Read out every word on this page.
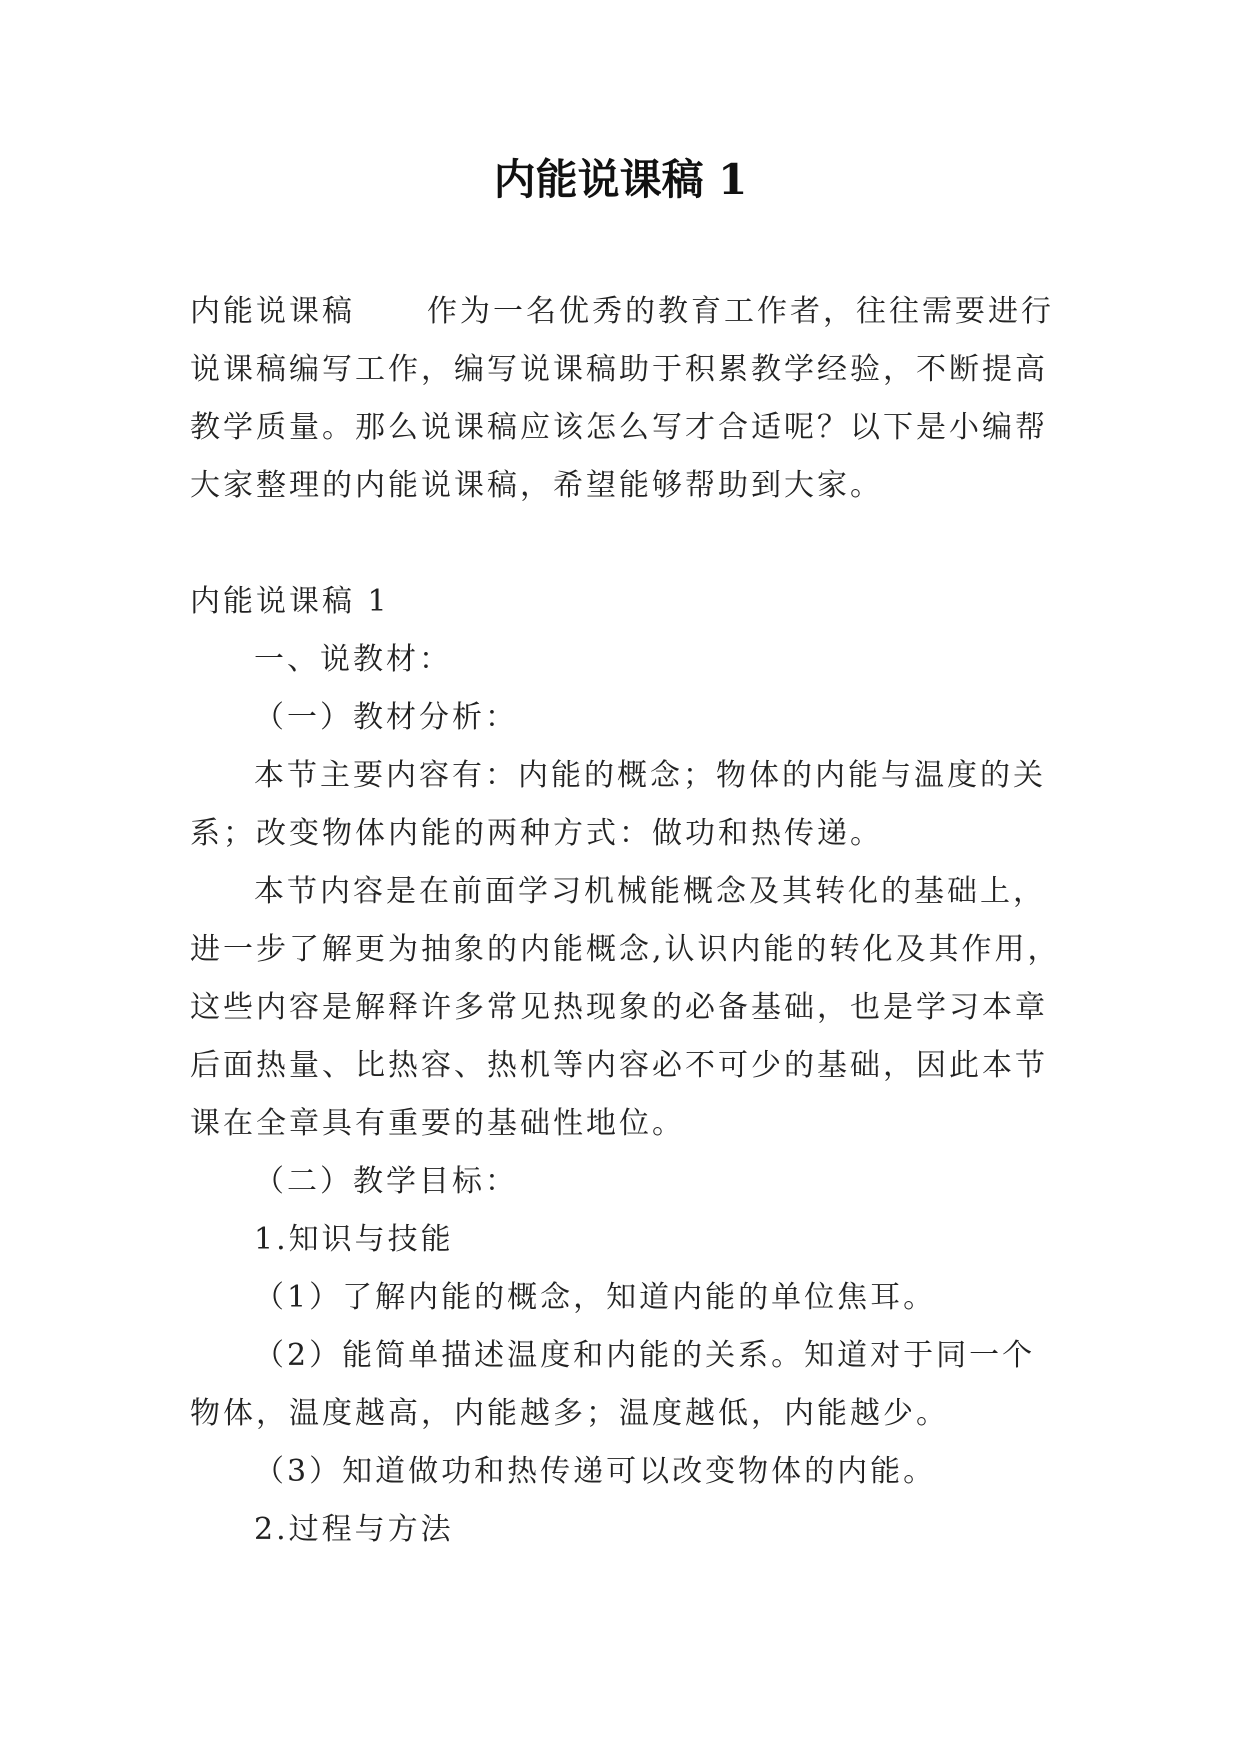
内能说课稿 1
内能说课稿 作为一名优秀的教育工作者，往往需要进行
说课稿编写工作，编写说课稿助于积累教学经验，不断提高
教学质量。那么说课稿应该怎么写才合适呢？以下是小编帮
大家整理的内能说课稿，希望能够帮助到大家。
内能说课稿 1
一、说教材：
（一）教材分析：
本节主要内容有：内能的概念；物体的内能与温度的关
系；改变物体内能的两种方式：做功和热传递。
本节内容是在前面学习机械能概念及其转化的基础上，
进一步了解更为抽象的内能概念,认识内能的转化及其作用，
这些内容是解释许多常见热现象的必备基础，也是学习本章
后面热量、比热容、热机等内容必不可少的基础，因此本节
课在全章具有重要的基础性地位。
（二）教学目标：
1.知识与技能
（1）了解内能的概念，知道内能的单位焦耳。
（2）能简单描述温度和内能的关系。知道对于同一个
物体，温度越高，内能越多；温度越低，内能越少。
（3）知道做功和热传递可以改变物体的内能。
2.过程与方法
